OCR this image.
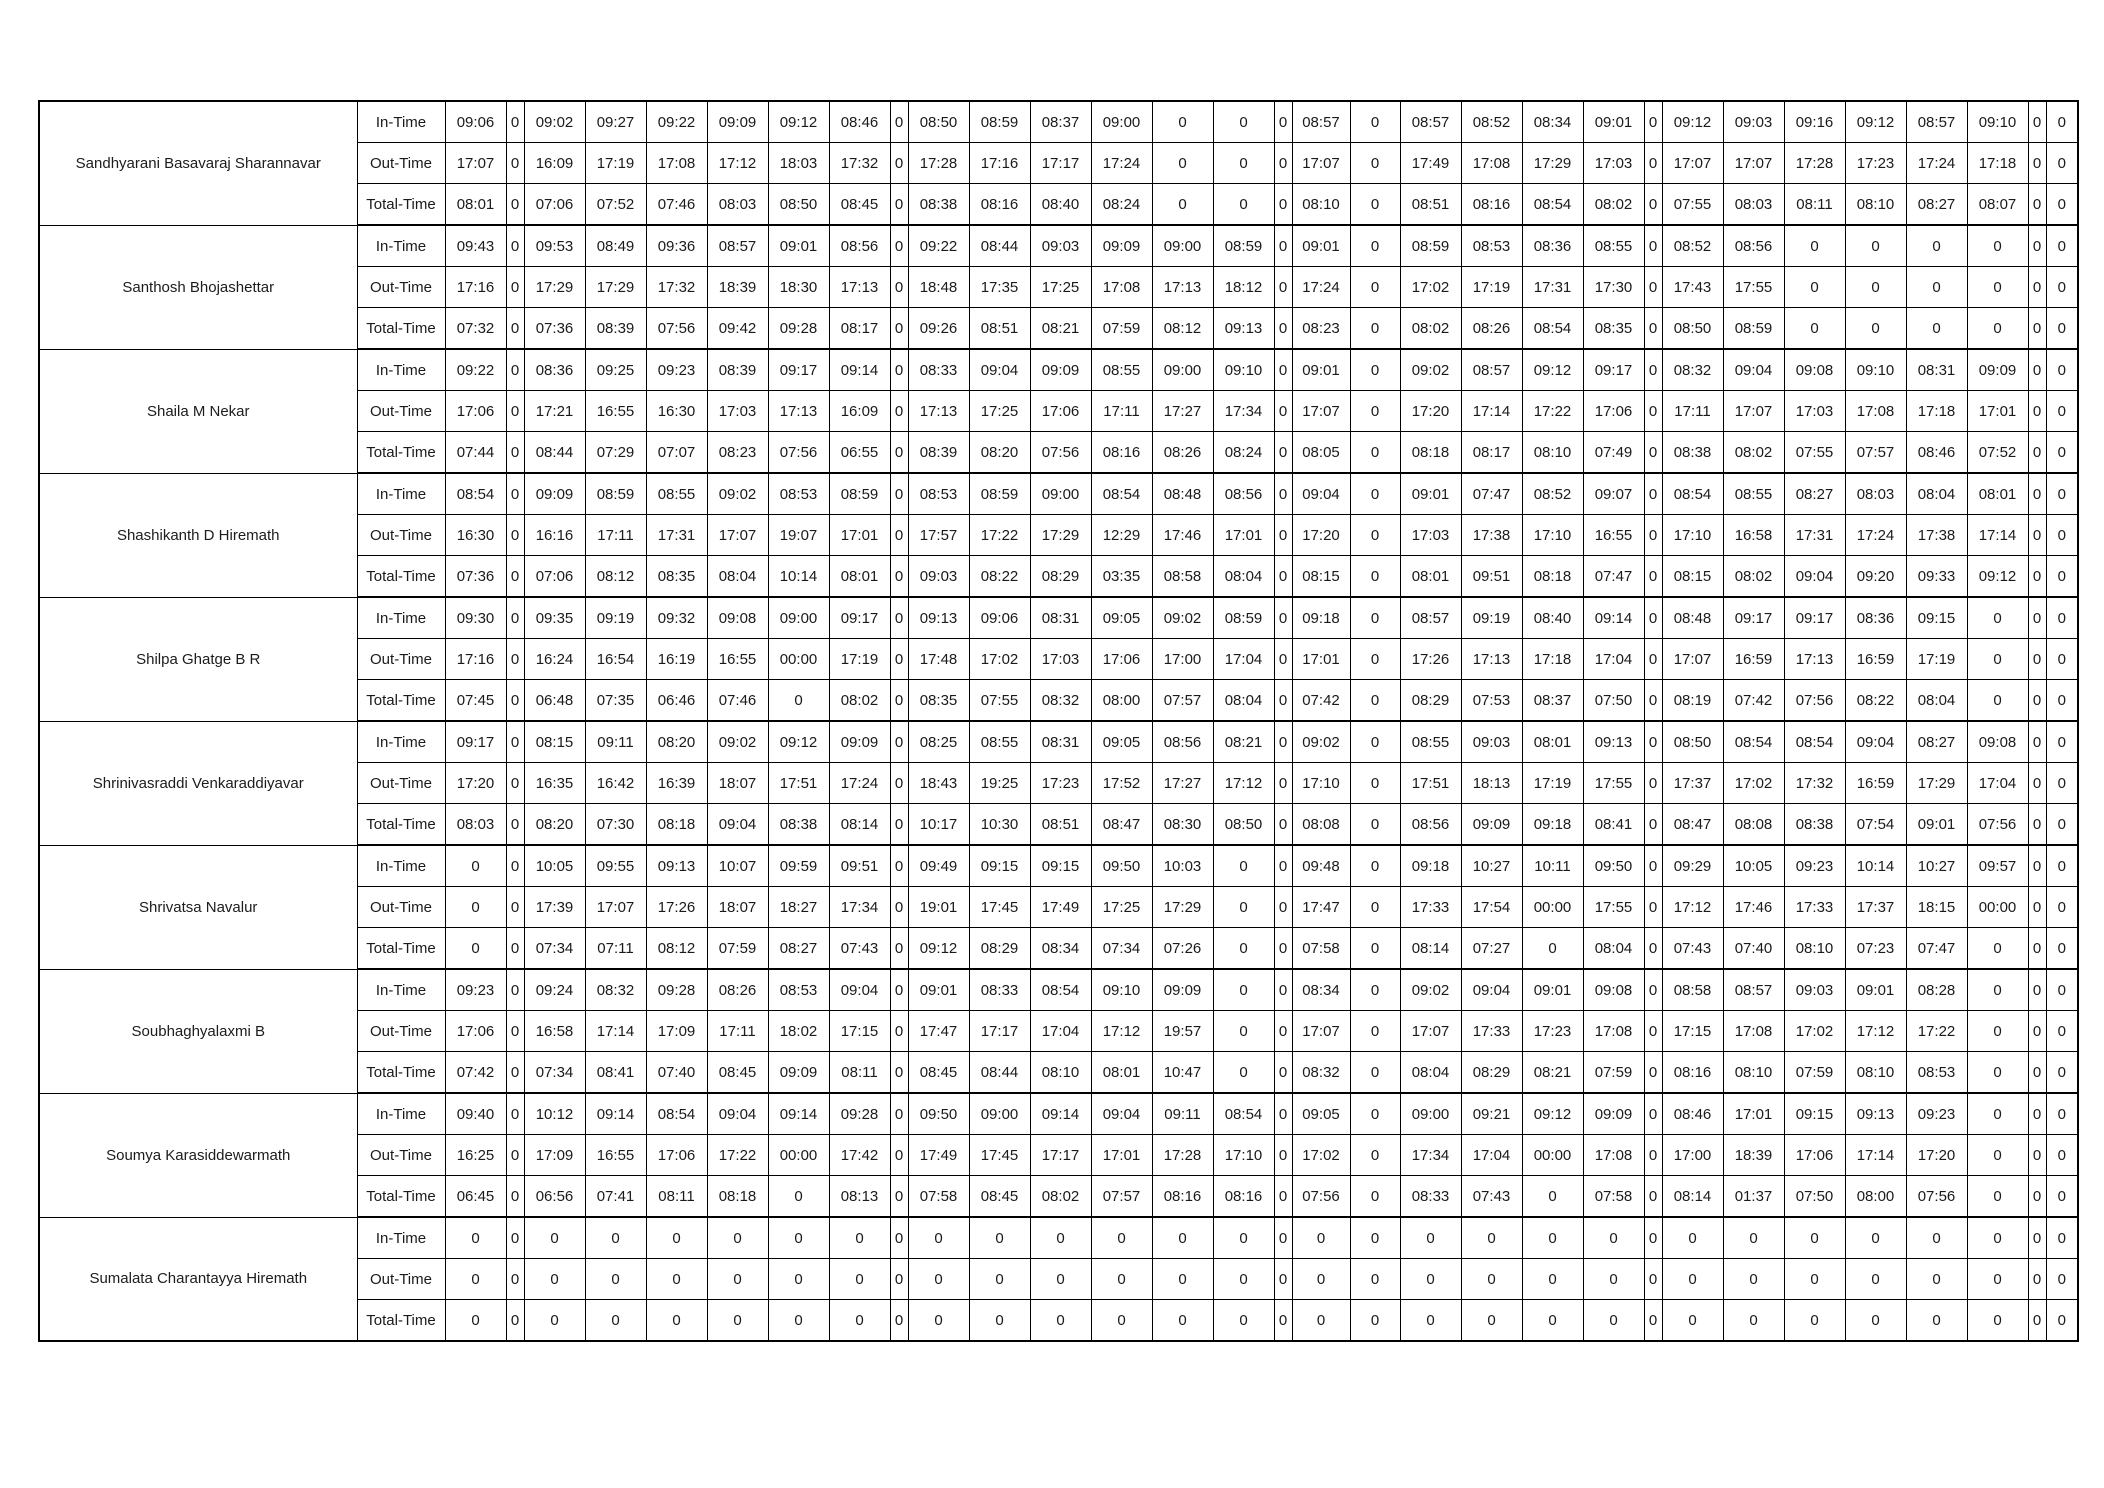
Sandhyarani Basavaraj Sharannavar	In-Time	09:06	0	09:02	09:27	09:22	09:09	09:12	08:46	0	08:50	08:59	08:37	09:00	0	0	0	08:57	0	08:57	08:52	08:34	09:01	0	09:12	09:03	09:16	09:12	08:57	09:10	0	0
	Out-Time	17:07	0	16:09	17:19	17:08	17:12	18:03	17:32	0	17:28	17:16	17:17	17:24	0	0	0	17:07	0	17:49	17:08	17:29	17:03	0	17:07	17:07	17:28	17:23	17:24	17:18	0	0
	Total-Time	08:01	0	07:06	07:52	07:46	08:03	08:50	08:45	0	08:38	08:16	08:40	08:24	0	0	0	08:10	0	08:51	08:16	08:54	08:02	0	07:55	08:03	08:11	08:10	08:27	08:07	0	0
Santhosh Bhojashettar	In-Time	09:43	0	09:53	08:49	09:36	08:57	09:01	08:56	0	09:22	08:44	09:03	09:09	09:00	08:59	0	09:01	0	08:59	08:53	08:36	08:55	0	08:52	08:56	0	0	0	0	0	0
	Out-Time	17:16	0	17:29	17:29	17:32	18:39	18:30	17:13	0	18:48	17:35	17:25	17:08	17:13	18:12	0	17:24	0	17:02	17:19	17:31	17:30	0	17:43	17:55	0	0	0	0	0	0
	Total-Time	07:32	0	07:36	08:39	07:56	09:42	09:28	08:17	0	09:26	08:51	08:21	07:59	08:12	09:13	0	08:23	0	08:02	08:26	08:54	08:35	0	08:50	08:59	0	0	0	0	0	0
Shaila M Nekar	In-Time	09:22	0	08:36	09:25	09:23	08:39	09:17	09:14	0	08:33	09:04	09:09	08:55	09:00	09:10	0	09:01	0	09:02	08:57	09:12	09:17	0	08:32	09:04	09:08	09:10	08:31	09:09	0	0
	Out-Time	17:06	0	17:21	16:55	16:30	17:03	17:13	16:09	0	17:13	17:25	17:06	17:11	17:27	17:34	0	17:07	0	17:20	17:14	17:22	17:06	0	17:11	17:07	17:03	17:08	17:18	17:01	0	0
	Total-Time	07:44	0	08:44	07:29	07:07	08:23	07:56	06:55	0	08:39	08:20	07:56	08:16	08:26	08:24	0	08:05	0	08:18	08:17	08:10	07:49	0	08:38	08:02	07:55	07:57	08:46	07:52	0	0
Shashikanth D Hiremath	In-Time	08:54	0	09:09	08:59	08:55	09:02	08:53	08:59	0	08:53	08:59	09:00	08:54	08:48	08:56	0	09:04	0	09:01	07:47	08:52	09:07	0	08:54	08:55	08:27	08:03	08:04	08:01	0	0
	Out-Time	16:30	0	16:16	17:11	17:31	17:07	19:07	17:01	0	17:57	17:22	17:29	12:29	17:46	17:01	0	17:20	0	17:03	17:38	17:10	16:55	0	17:10	16:58	17:31	17:24	17:38	17:14	0	0
	Total-Time	07:36	0	07:06	08:12	08:35	08:04	10:14	08:01	0	09:03	08:22	08:29	03:35	08:58	08:04	0	08:15	0	08:01	09:51	08:18	07:47	0	08:15	08:02	09:04	09:20	09:33	09:12	0	0
Shilpa Ghatge B R	In-Time	09:30	0	09:35	09:19	09:32	09:08	09:00	09:17	0	09:13	09:06	08:31	09:05	09:02	08:59	0	09:18	0	08:57	09:19	08:40	09:14	0	08:48	09:17	09:17	08:36	09:15	0	0	0
	Out-Time	17:16	0	16:24	16:54	16:19	16:55	00:00	17:19	0	17:48	17:02	17:03	17:06	17:00	17:04	0	17:01	0	17:26	17:13	17:18	17:04	0	17:07	16:59	17:13	16:59	17:19	0	0	0
	Total-Time	07:45	0	06:48	07:35	06:46	07:46	0	08:02	0	08:35	07:55	08:32	08:00	07:57	08:04	0	07:42	0	08:29	07:53	08:37	07:50	0	08:19	07:42	07:56	08:22	08:04	0	0	0
Shrinivasraddi Venkaraddiyavar	In-Time	09:17	0	08:15	09:11	08:20	09:02	09:12	09:09	0	08:25	08:55	08:31	09:05	08:56	08:21	0	09:02	0	08:55	09:03	08:01	09:13	0	08:50	08:54	08:54	09:04	08:27	09:08	0	0
	Out-Time	17:20	0	16:35	16:42	16:39	18:07	17:51	17:24	0	18:43	19:25	17:23	17:52	17:27	17:12	0	17:10	0	17:51	18:13	17:19	17:55	0	17:37	17:02	17:32	16:59	17:29	17:04	0	0
	Total-Time	08:03	0	08:20	07:30	08:18	09:04	08:38	08:14	0	10:17	10:30	08:51	08:47	08:30	08:50	0	08:08	0	08:56	09:09	09:18	08:41	0	08:47	08:08	08:38	07:54	09:01	07:56	0	0
Shrivatsa Navalur	In-Time	0	0	10:05	09:55	09:13	10:07	09:59	09:51	0	09:49	09:15	09:15	09:50	10:03	0	0	09:48	0	09:18	10:27	10:11	09:50	0	09:29	10:05	09:23	10:14	10:27	09:57	0	0
	Out-Time	0	0	17:39	17:07	17:26	18:07	18:27	17:34	0	19:01	17:45	17:49	17:25	17:29	0	0	17:47	0	17:33	17:54	00:00	17:55	0	17:12	17:46	17:33	17:37	18:15	00:00	0	0
	Total-Time	0	0	07:34	07:11	08:12	07:59	08:27	07:43	0	09:12	08:29	08:34	07:34	07:26	0	0	07:58	0	08:14	07:27	0	08:04	0	07:43	07:40	08:10	07:23	07:47	0	0	0
Soubhaghyalaxmi B	In-Time	09:23	0	09:24	08:32	09:28	08:26	08:53	09:04	0	09:01	08:33	08:54	09:10	09:09	0	0	08:34	0	09:02	09:04	09:01	09:08	0	08:58	08:57	09:03	09:01	08:28	0	0	0
	Out-Time	17:06	0	16:58	17:14	17:09	17:11	18:02	17:15	0	17:47	17:17	17:04	17:12	19:57	0	0	17:07	0	17:07	17:33	17:23	17:08	0	17:15	17:08	17:02	17:12	17:22	0	0	0
	Total-Time	07:42	0	07:34	08:41	07:40	08:45	09:09	08:11	0	08:45	08:44	08:10	08:01	10:47	0	0	08:32	0	08:04	08:29	08:21	07:59	0	08:16	08:10	07:59	08:10	08:53	0	0	0
Soumya Karasiddewarmath	In-Time	09:40	0	10:12	09:14	08:54	09:04	09:14	09:28	0	09:50	09:00	09:14	09:04	09:11	08:54	0	09:05	0	09:00	09:21	09:12	09:09	0	08:46	17:01	09:15	09:13	09:23	0	0	0
	Out-Time	16:25	0	17:09	16:55	17:06	17:22	00:00	17:42	0	17:49	17:45	17:17	17:01	17:28	17:10	0	17:02	0	17:34	17:04	00:00	17:08	0	17:00	18:39	17:06	17:14	17:20	0	0	0
	Total-Time	06:45	0	06:56	07:41	08:11	08:18	0	08:13	0	07:58	08:45	08:02	07:57	08:16	08:16	0	07:56	0	08:33	07:43	0	07:58	0	08:14	01:37	07:50	08:00	07:56	0	0	0
Sumalata Charantayya Hiremath	In-Time	0	0	0	0	0	0	0	0	0	0	0	0	0	0	0	0	0	0	0	0	0	0	0	0	0	0	0	0	0	0	0
	Out-Time	0	0	0	0	0	0	0	0	0	0	0	0	0	0	0	0	0	0	0	0	0	0	0	0	0	0	0	0	0	0	0
	Total-Time	0	0	0	0	0	0	0	0	0	0	0	0	0	0	0	0	0	0	0	0	0	0	0	0	0	0	0	0	0	0	0
